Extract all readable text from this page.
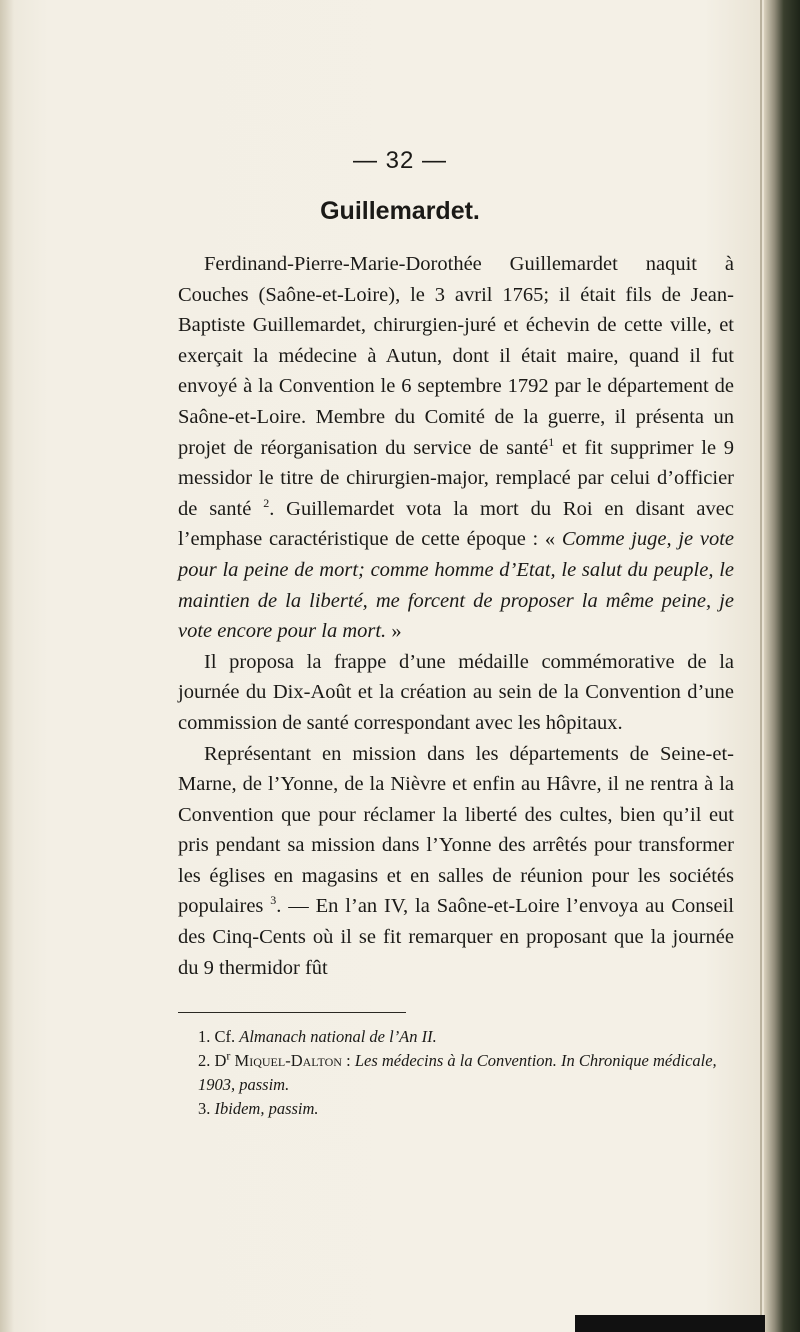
— 32 —
Guillemardet.

Ferdinand-Pierre-Marie-Dorothée Guillemardet naquit à Couches (Saône-et-Loire), le 3 avril 1765; il était fils de Jean-Baptiste Guillemardet, chirurgien-juré et échevin de cette ville, et exerçait la médecine à Autun, dont il était maire, quand il fut envoyé à la Convention le 6 septembre 1792 par le département de Saône-et-Loire. Membre du Comité de la guerre, il présenta un projet de réorganisation du service de santé$^1$ et fit supprimer le 9 messidor le titre de chirurgien-major, remplacé par celui d’officier de santé $^2$. Guillemardet vota la mort du Roi en disant avec l’emphase caractéristique de cette époque : « Comme juge, je vote pour la peine de mort; comme homme d’Etat, le salut du peuple, le maintien de la liberté, me forcent de proposer la même peine, je vote encore pour la mort. »

Il proposa la frappe d’une médaille commémorative de la journée du Dix-Août et la création au sein de la Convention d’une commission de santé correspondant avec les hôpitaux.

Représentant en mission dans les départements de Seine-et-Marne, de l’Yonne, de la Nièvre et enfin au Hâvre, il ne rentra à la Convention que pour réclamer la liberté des cultes, bien qu’il eut pris pendant sa mission dans l’Yonne des arrêtés pour transformer les églises en magasins et en salles de réunion pour les sociétés populaires $^3$. — En l’an IV, la Saône-et-Loire l’envoya au Conseil des Cinq-Cents où il se fit remarquer en proposant que la journée du 9 thermidor fût

1. Cf. Almanach national de l’An II.
2. $D^r$ Miquel-Dalton : Les médecins à la Convention. In Chronique médicale, 1903, passim.
3. Ibidem, passim.
